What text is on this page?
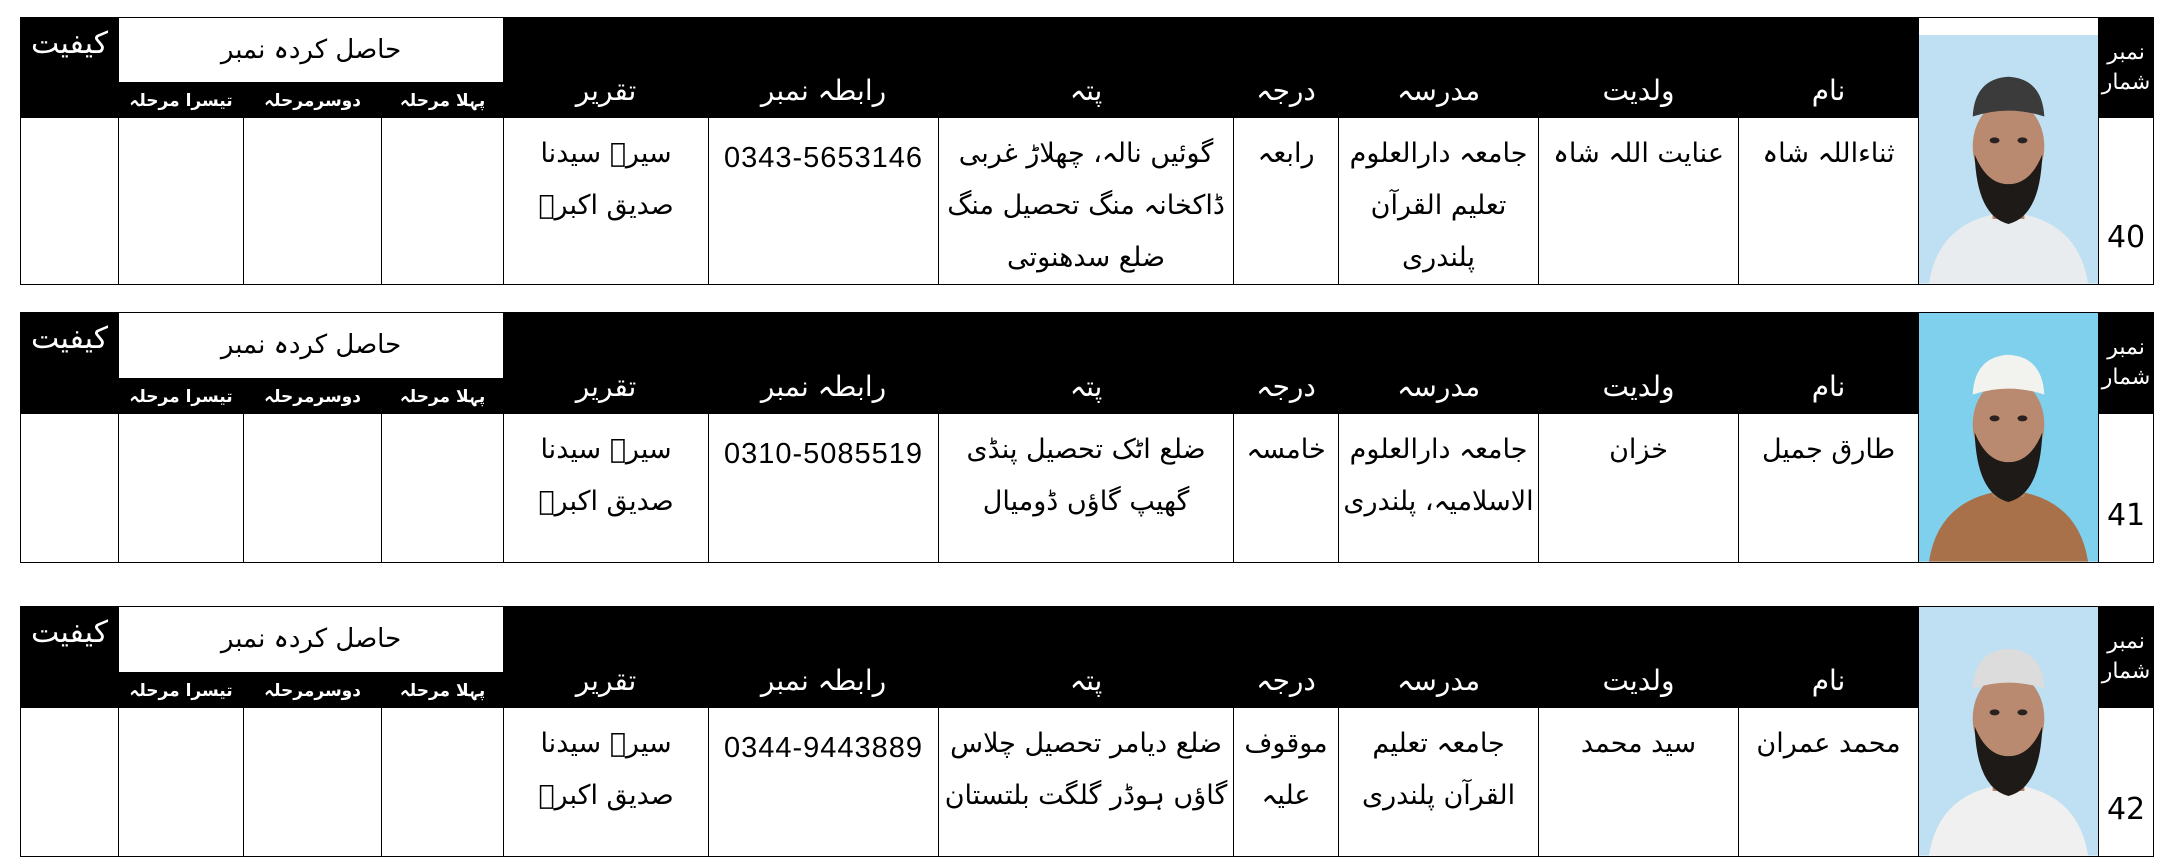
نمبر شمار		نام	ولدیت	مدرسہ	درجہ	پتہ	رابطہ نمبر	تقریر	حاصل کردہ نمبر			کیفیت
									پہلا مرحلہ	دوسرمرحلہ	تیسرا مرحلہ	
40		ثناءاللہ شاہ	عنایت اللہ شاہ	جامعہ دارالعلوم تعلیم القرآن پلندری	رابعہ	گوئیں نالہ، چھلاڑ غربی ڈاکخانہ منگ تحصیل منگ ضلع سدھنوتی	0343-5653146	سیرۃ سیدنا صدیق اکبرؓ				
نمبر شمار		نام	ولدیت	مدرسہ	درجہ	پتہ	رابطہ نمبر	تقریر	حاصل کردہ نمبر			کیفیت
									پہلا مرحلہ	دوسرمرحلہ	تیسرا مرحلہ	
41		طارق جمیل	خزان	جامعہ دارالعلوم الاسلامیہ، پلندری	خامسہ	ضلع اٹک تحصیل پنڈی گھیپ گاؤں ڈومیال	0310-5085519	سیرۃ سیدنا صدیق اکبرؓ				
نمبر شمار		نام	ولدیت	مدرسہ	درجہ	پتہ	رابطہ نمبر	تقریر	حاصل کردہ نمبر			کیفیت
									پہلا مرحلہ	دوسرمرحلہ	تیسرا مرحلہ	
42		محمد عمران	سید محمد	جامعہ تعلیم القرآن پلندری	موقوف علیہ	ضلع دیامر تحصیل چلاس گاؤں ہوڈر گلگت بلتستان	0344-9443889	سیرۃ سیدنا صدیق اکبرؓ				
